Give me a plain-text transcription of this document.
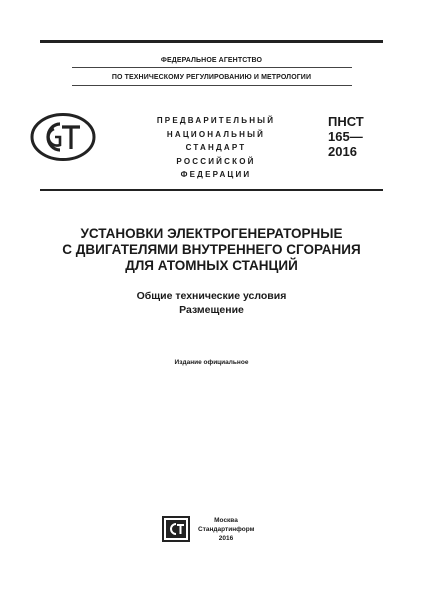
ФЕДЕРАЛЬНОЕ АГЕНТСТВО
ПО ТЕХНИЧЕСКОМУ РЕГУЛИРОВАНИЮ И МЕТРОЛОГИИ
ПРЕДВАРИТЕЛЬНЫЙ
НАЦИОНАЛЬНЫЙ
СТАНДАРТ
РОССИЙСКОЙ
ФЕДЕРАЦИИ
ПНСТ
165—
2016
УСТАНОВКИ ЭЛЕКТРОГЕНЕРАТОРНЫЕ
С ДВИГАТЕЛЯМИ ВНУТРЕННЕГО СГОРАНИЯ
ДЛЯ АТОМНЫХ СТАНЦИЙ
Общие технические условия
Размещение
Издание официальное
Москва
Стандартинформ
2016
